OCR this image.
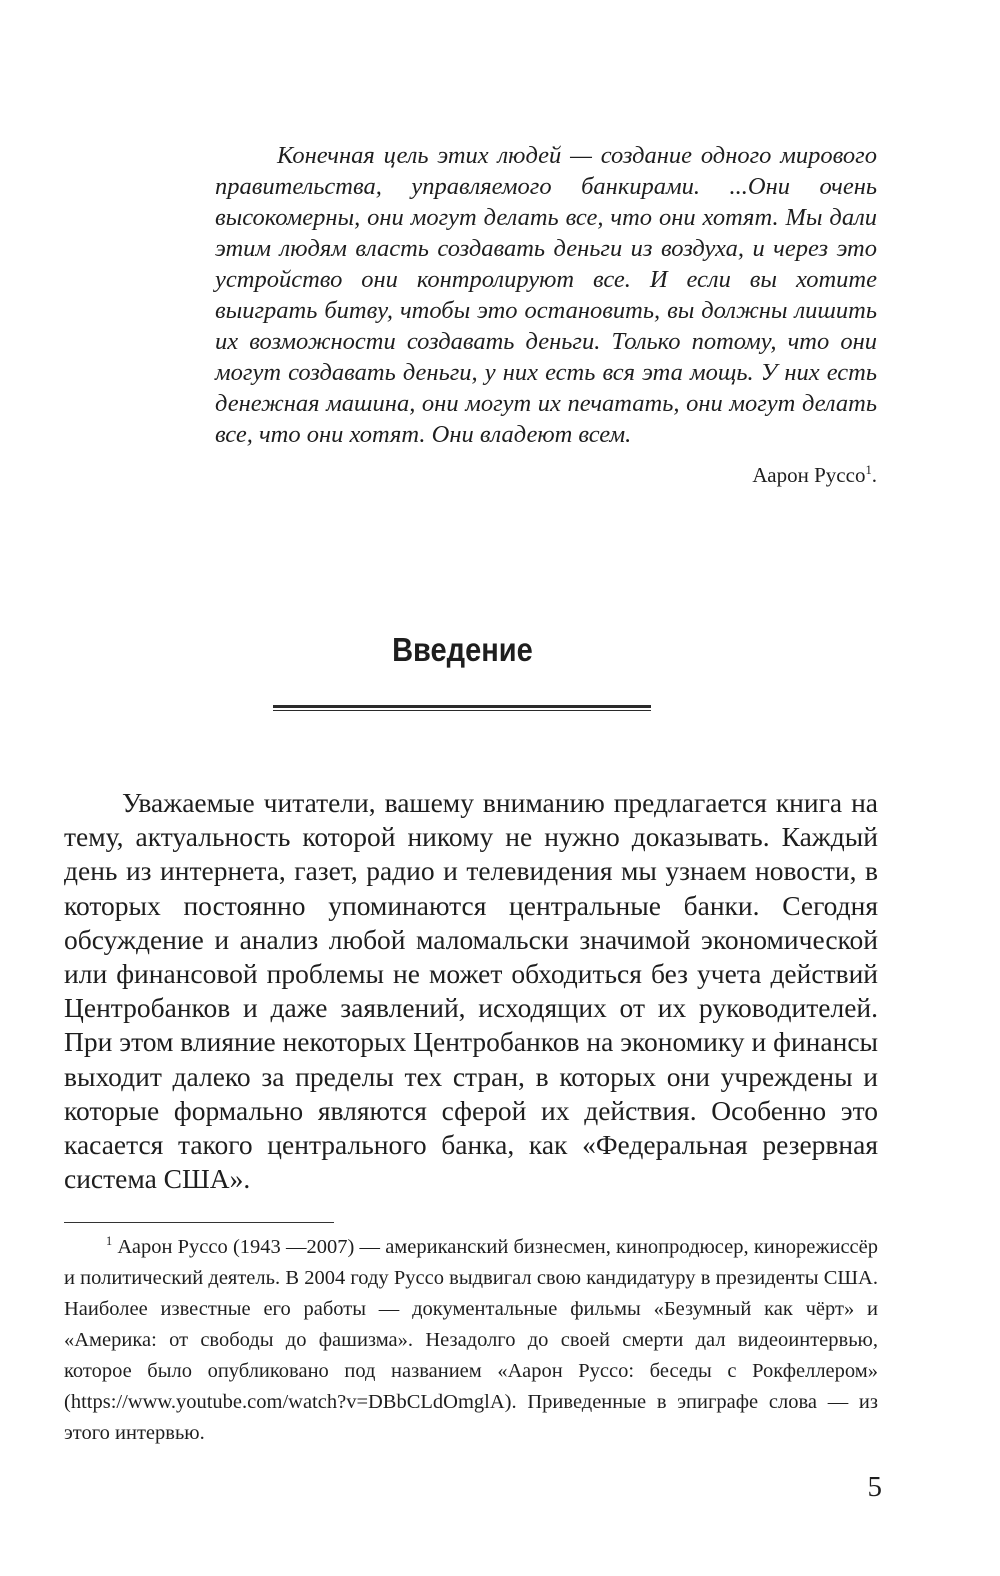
Конечная цель этих людей — создание одного мирового правительства, управляемого банкирами. ...Они очень высокомерны, они могут делать все, что они хотят. Мы дали этим людям власть создавать деньги из воздуха, и через это устройство они контролируют все. И если вы хотите выиграть битву, чтобы это остановить, вы должны лишить их возможности создавать деньги. Только потому, что они могут создавать деньги, у них есть вся эта мощь. У них есть денежная машина, они могут их печатать, они могут делать все, что они хотят. Они владеют всем.

Аарон Руссо$^1$.

Введение

Уважаемые читатели, вашему вниманию предлагается книга на тему, актуальность которой никому не нужно доказывать. Каждый день из интернета, газет, радио и телевидения мы узнаем новости, в которых постоянно упоминаются центральные банки. Сегодня обсуждение и анализ любой маломальски значимой экономической или финансовой проблемы не может обходиться без учета действий Центробанков и даже заявлений, исходящих от их руководителей. При этом влияние некоторых Центробанков на экономику и финансы выходит далеко за пределы тех стран, в которых они учреждены и которые формально являются сферой их действия. Особенно это касается такого центрального банка, как «Федеральная резервная система США».

$^1$ Аарон Руссо (1943 —2007) — американский бизнесмен, кинопродюсер, кинорежиссёр и политический деятель. В 2004 году Руссо выдвигал свою кандидатуру в президенты США. Наиболее известные его работы — документальные фильмы «Безумный как чёрт» и «Америка: от свободы до фашизма». Незадолго до своей смерти дал видеоинтервью, которое было опубликовано под названием «Аарон Руссо: беседы с Рокфеллером» (https://www.youtube.com/watch?v=DBbCLdOmglA). Приведенные в эпиграфе слова — из этого интервью.

5
